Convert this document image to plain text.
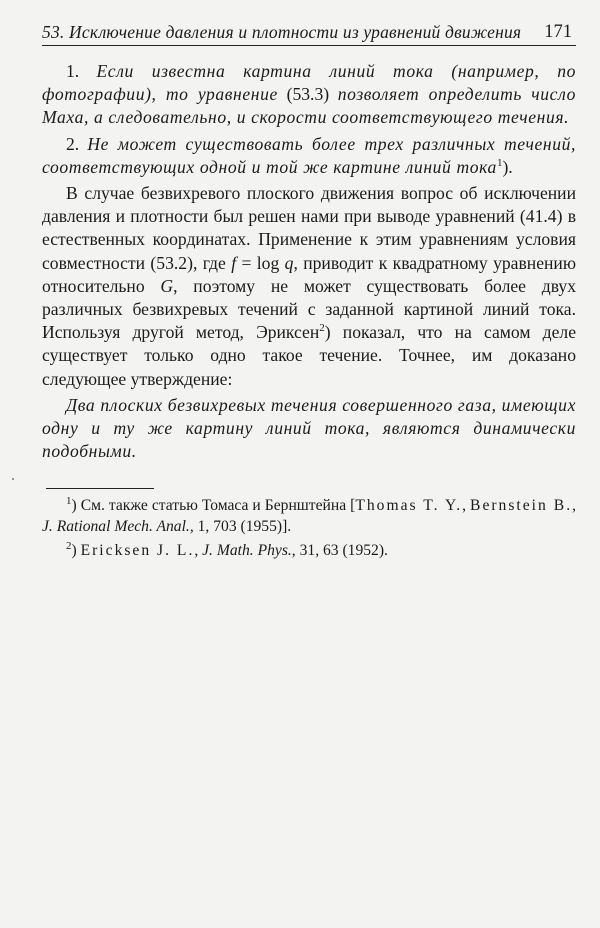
53. Исключение давления и плотности из уравнений движения 171

1. Если известна картина линий тока (например, по фотографии), то уравнение (53.3) позволяет определить число Маха, а следовательно, и скорости соответствующего течения.

2. Не может существовать более трех различных течений, соответствующих одной и той же картине линий тока$^1$).

В случае безвихревого плоского движения вопрос об исключении давления и плотности был решен нами при выводе уравнений (41.4) в естественных координатах. Применение к этим уравнениям условия совместности (53.2), где f = log q, приводит к квадратному уравнению относительно G, поэтому не может существовать более двух различных безвихревых течений с заданной картиной линий тока. Используя другой метод, Эриксен$^2$) показал, что на самом деле существует только одно такое течение. Точнее, им доказано следующее утверждение:

Два плоских безвихревых течения совершенного газа, имеющих одну и ту же картину линий тока, являются динамически подобными.

$^1$) См. также статью Томаса и Бернштейна [Thomas T. Y., Bernstein B., J. Rational Mech. Anal., 1, 703 (1955)].

$^2$) Ericksen J. L., J. Math. Phys., 31, 63 (1952).
